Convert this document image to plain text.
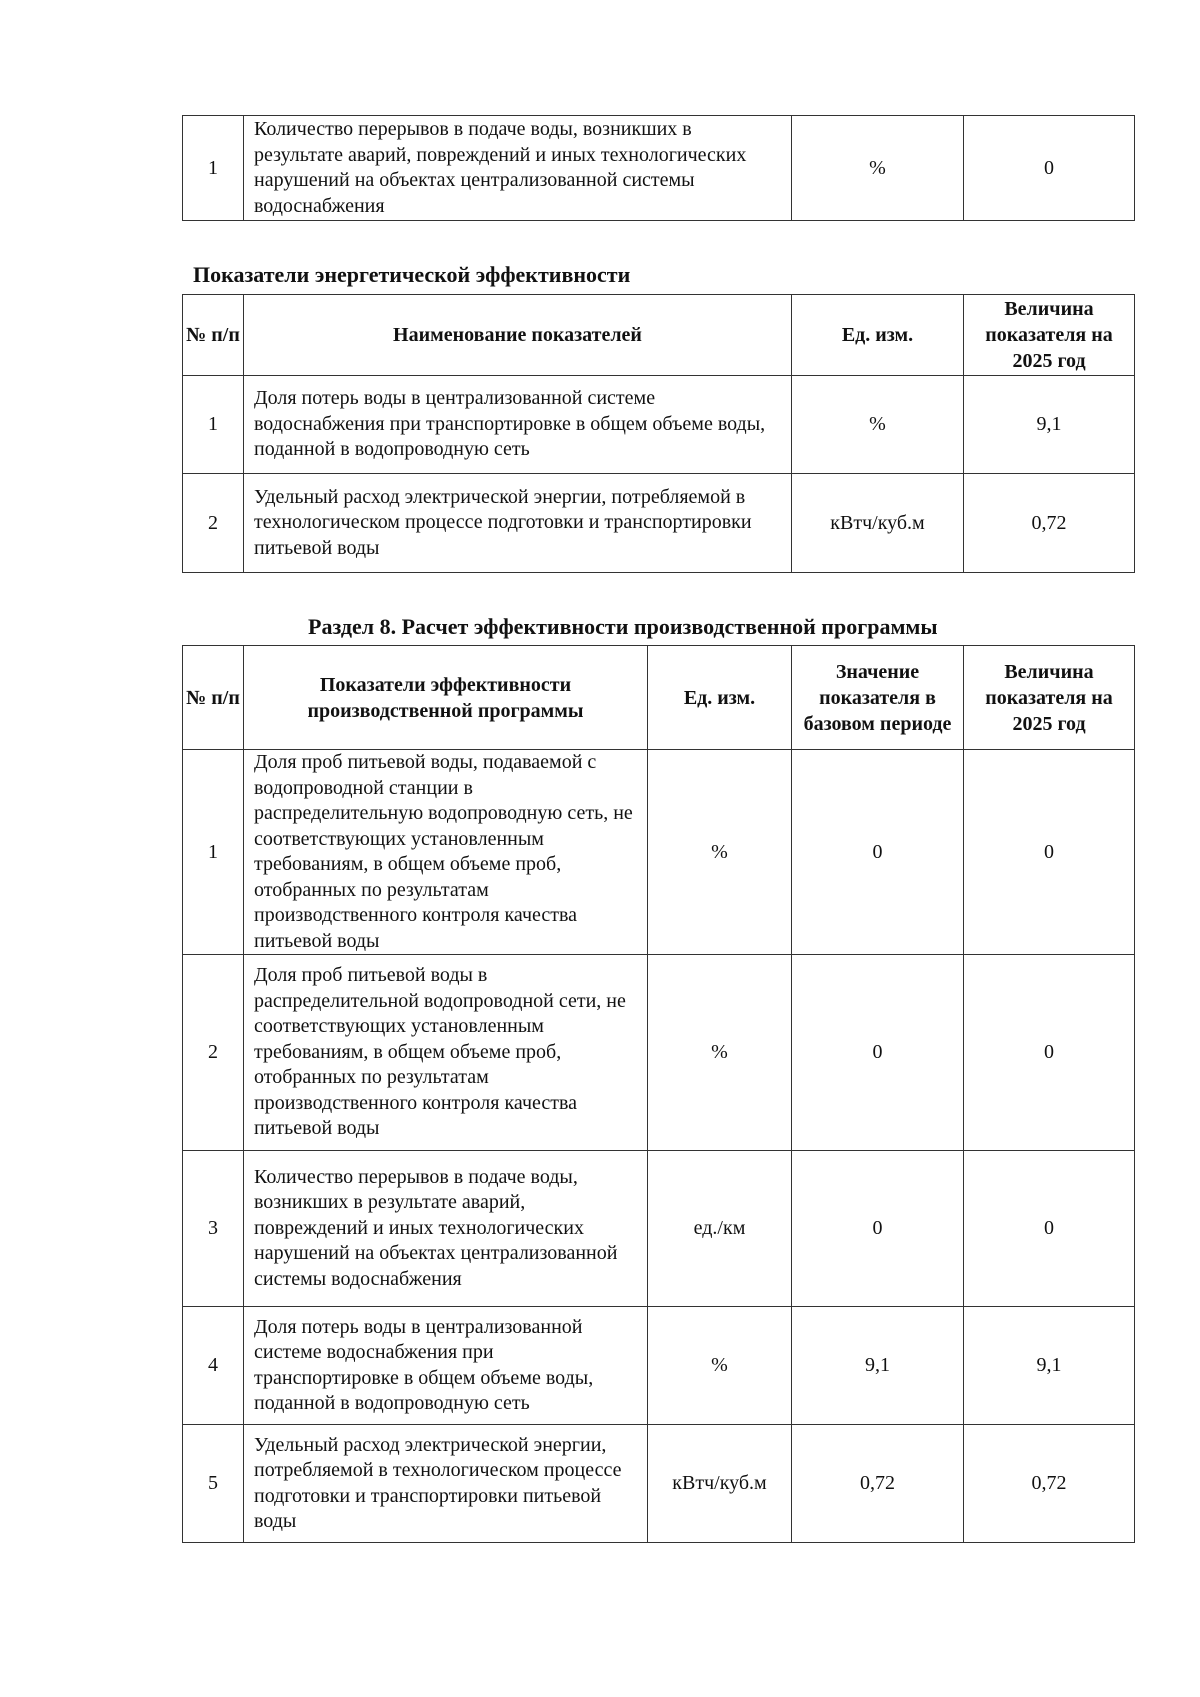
1	Количество перерывов в подаче воды, возникших в результате аварий, повреждений и иных технологических нарушений на объектах централизованной системы водоснабжения	%	0
Показатели энергетической эффективности
№ п/п	Наименование показателей	Ед. изм.	Величина показателя на 2025 год
1	Доля потерь воды в централизованной системе водоснабжения при транспортировке в общем объеме воды, поданной в водопроводную сеть	%	9,1
2	Удельный расход электрической энергии, потребляемой в технологическом процессе подготовки и транспортировки питьевой воды	кВтч/куб.м	0,72
Раздел 8. Расчет эффективности производственной программы
№ п/п	Показатели эффективности производственной программы	Ед. изм.	Значение показателя в базовом периоде	Величина показателя на 2025 год
1	Доля проб питьевой воды, подаваемой с водопроводной станции в распределительную водопроводную сеть, не соответствующих установленным требованиям, в общем объеме проб, отобранных по результатам производственного контроля качества питьевой воды	%	0	0
2	Доля проб питьевой воды в распределительной водопроводной сети, не соответствующих установленным требованиям, в общем объеме проб, отобранных по результатам производственного контроля качества питьевой воды	%	0	0
3	Количество перерывов в подаче воды, возникших в результате аварий, повреждений и иных технологических нарушений на объектах централизованной системы водоснабжения	ед./км	0	0
4	Доля потерь воды в централизованной системе водоснабжения при транспортировке в общем объеме воды, поданной в водопроводную сеть	%	9,1	9,1
5	Удельный расход электрической энергии, потребляемой в технологическом процессе подготовки и транспортировки питьевой воды	кВтч/куб.м	0,72	0,72
